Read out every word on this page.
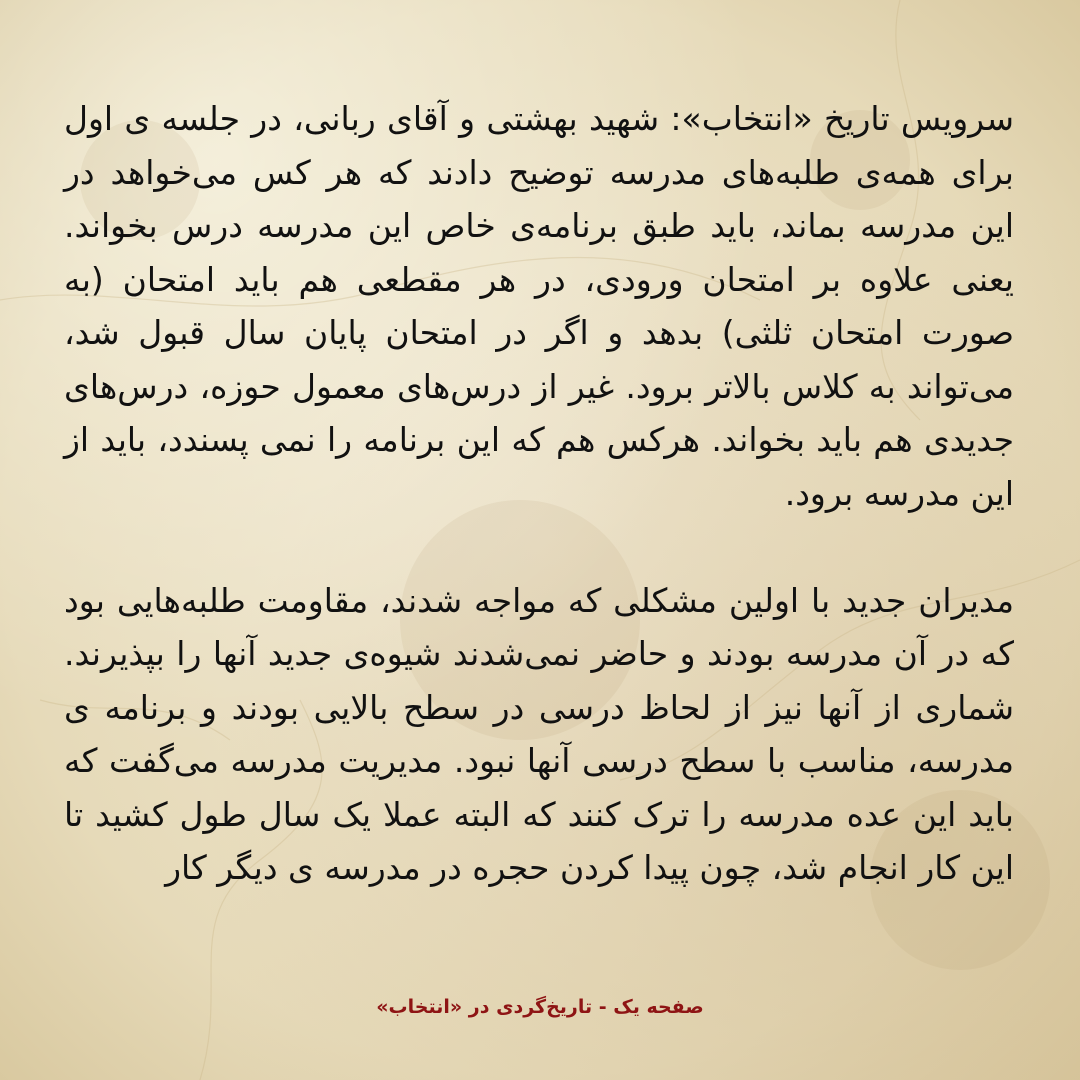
سرویس تاریخ «انتخاب»: شهید بهشتی و آقای ربانی، در جلسه ی اول برای همه‌ی طلبه‌های مدرسه توضیح دادند که هر کس می‌خواهد در این مدرسه بماند، باید طبق برنامه‌ی خاص این مدرسه درس بخواند. یعنی علاوه بر امتحان ورودی، در هر مقطعی هم باید امتحان (به صورت امتحان ثلثی) بدهد و اگر در امتحان پایان سال قبول شد، می‌تواند به کلاس بالاتر برود. غیر از درس‌های معمول حوزه، درس‌های جدیدی هم باید بخواند. هرکس هم که این برنامه را نمی پسندد، باید از این مدرسه برود.

مدیران جدید با اولین مشکلی که مواجه شدند، مقاومت طلبه‌هایی بود که در آن مدرسه بودند و حاضر نمی‌شدند شیوه‌ی جدید آنها را بپذیرند. شماری از آنها نیز از لحاظ درسی در سطح بالایی بودند و برنامه ی مدرسه، مناسب با سطح درسی آنها نبود. مدیریت مدرسه می‌گفت که باید این عده مدرسه را ترک کنند که البته عملا یک سال طول کشید تا این کار انجام شد، چون پیدا کردن حجره در مدرسه ی دیگر کار

صفحه یک - تاریخ‌گردی در «انتخاب»
